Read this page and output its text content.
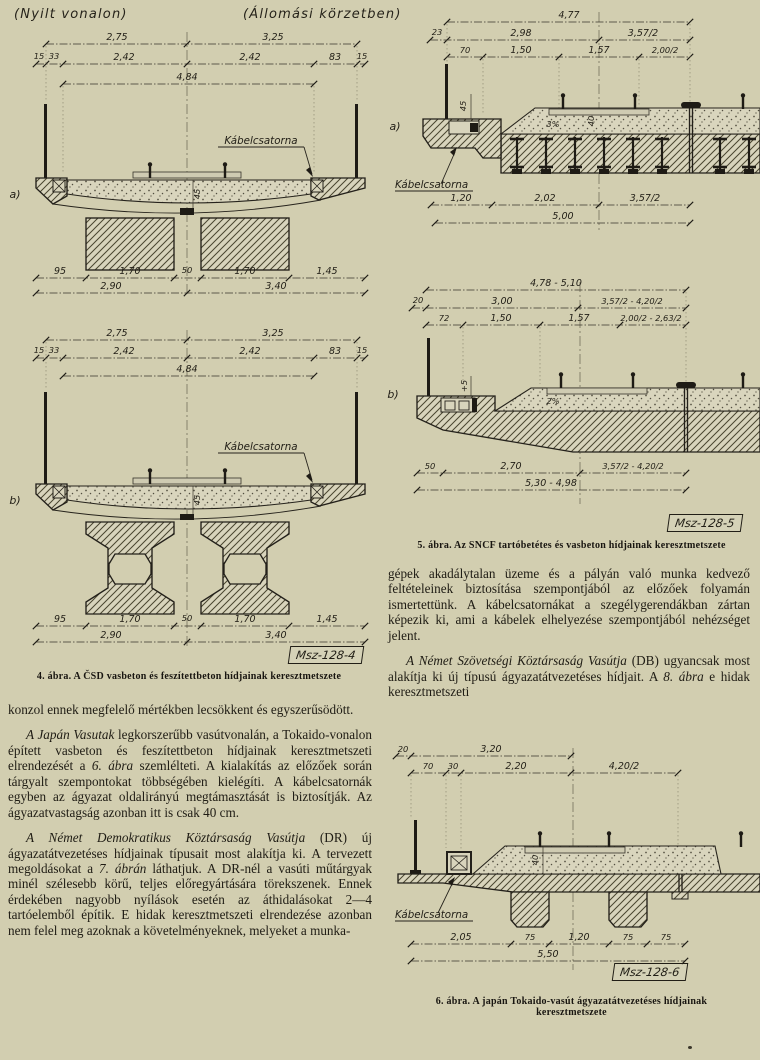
(Nyilt vonalon)	(Állomási körzetben)
2,75	3,25
15 33	2,42	2,42	83 15
4,84
45
a)
Kábelcsatorna
95	1,70	50	1,70	1,45
2,90	3,40
2,75	3,25
15 33	2,42	2,42	83 15
4,84
45
b)
Kábelcsatorna
95	1,70	50	1,70	1,45
2,90	3,40
Msz-128-4
4. ábra. A ČSD vasbeton és feszítettbeton hídjainak keresztmetszete

konzol ennek megfelelő mértékben lecsökkent és egyszerűsödött.

A Japán Vasutak legkorszerűbb vasútvonalán, a Tokaido-vonalon épített vasbeton és feszítettbeton hídjainak keresztmetszeti elrendezését a 6. ábra szemlélteti. A kialakítás az előzőek során tárgyalt szempontokat többségében kielégíti. A kábelcsatornák egyben az ágyazat oldalirányú megtámasztását is biztosítják. Az ágyazatvastagság azonban itt is csak 40 cm.

A Német Demokratikus Köztársaság Vasútja (DR) új ágyazatátvezetéses hídjainak típusait most alakítja ki. A tervezett megoldásokat a 7. ábrán láthatjuk. A DR-nél a vasúti műtárgyak minél szélesebb körű, teljes előregyártására törekszenek. Ennek érdekében nagyobb nyílások esetén az áthidalásokat 2—4 tartóelemből építik. E hidak keresztmetszeti elrendezése azonban nem felel meg azoknak a követelményeknek, melyeket a munka-

4,77
23	2,98	3,57/2
70	1,50	1,57	2,00/2
45
40
3%
a)
Kábelcsatorna
1,20	2,02	3,57/2
5,00
4,78 - 5,10
20	3,00	3,57/2 - 4,20/2
72	1,50	1,57	2,00/2 - 2,63/2
+5
2%
b)
50	2,70	3,57/2 - 4,20/2
5,30 - 4,98
Msz-128-5
5. ábra. Az SNCF tartóbetétes és vasbeton hídjainak keresztmetszete

gépek akadálytalan üzeme és a pályán való munka kedvező feltételeinek biztosítása szempontjából az előzőek folyamán ismertettünk. A kábelcsatornákat a szegélygerendákban zártan képezik ki, ami a kábelek elhelyezése szempontjából nehézséget jelent.

A Német Szövetségi Köztársaság Vasútja (DB) ugyancsak most alakítja ki új típusú ágyazatátvezetéses hídjait. A 8. ábra e hidak keresztmetszeti

20	3,20
70 30	2,20	4,20/2
40
Kábelcsatorna
2,05	75	1,20	75	75
5,50
Msz-128-6
6. ábra. A japán Tokaido-vasút ágyazatátvezetéses hídjainak
keresztmetszete
